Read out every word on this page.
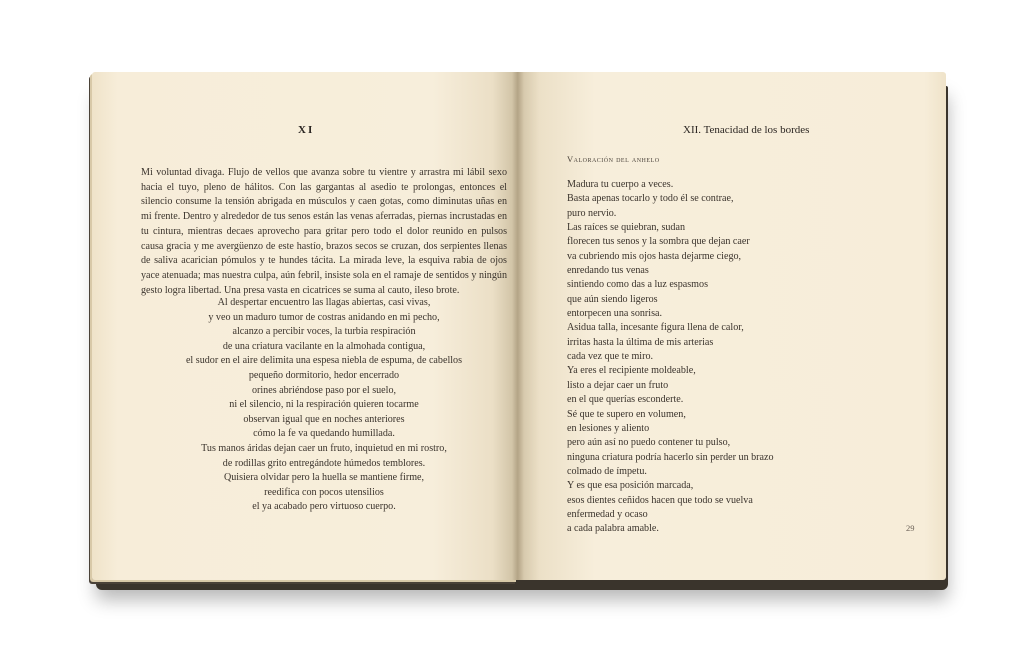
XI
Mi voluntad divaga. Flujo de vellos que avanza sobre tu vientre y arrastra mi lábil sexo hacia el tuyo, pleno de hálitos. Con las gargantas al asedio te prolongas, entonces el silencio consume la tensión abrigada en músculos y caen gotas, como diminutas uñas en mi frente. Dentro y alrededor de tus senos están las venas aferradas, piernas incrustadas en tu cintura, mientras decaes aprovecho para gritar pero todo el dolor reunido en pulsos causa gracia y me avergüenzo de este hastío, brazos secos se cruzan, dos serpientes llenas de saliva acarician pómulos y te hundes tácita. La mirada leve, la esquiva rabia de ojos yace atenuada; mas nuestra culpa, aún febril, insiste sola en el ramaje de sentidos y ningún gesto logra libertad. Una presa vasta en cicatrices se suma al cauto, ileso brote.
Al despertar encuentro las llagas abiertas, casi vivas,
y veo un maduro tumor de costras anidando en mi pecho,
alcanzo a percibir voces, la turbia respiración
de una criatura vacilante en la almohada contigua,
el sudor en el aire delimita una espesa niebla de espuma, de cabellos
pequeño dormitorio, hedor encerrado
orines abriéndose paso por el suelo,
ni el silencio, ni la respiración quieren tocarme
observan igual que en noches anteriores
cómo la fe va quedando humillada.
Tus manos áridas dejan caer un fruto, inquietud en mi rostro,
de rodillas grito entregándote húmedos temblores.
Quisiera olvidar pero la huella se mantiene firme,
reedifica con pocos utensilios
el ya acabado pero virtuoso cuerpo.
XII. Tenacidad de los bordes
Valoración del anhelo
Madura tu cuerpo a veces.
Basta apenas tocarlo y todo él se contrae,
puro nervio.
Las raíces se quiebran, sudan
florecen tus senos y la sombra que dejan caer
va cubriendo mis ojos hasta dejarme ciego,
enredando tus venas
sintiendo como das a luz espasmos
que aún siendo ligeros
entorpecen una sonrisa.
Asidua talla, incesante figura llena de calor,
irritas hasta la última de mis arterias
cada vez que te miro.
Ya eres el recipiente moldeable,
listo a dejar caer un fruto
en el que querías esconderte.
Sé que te supero en volumen,
en lesiones y aliento
pero aún así no puedo contener tu pulso,
ninguna criatura podría hacerlo sin perder un brazo
colmado de ímpetu.
Y es que esa posición marcada,
esos dientes ceñidos hacen que todo se vuelva
enfermedad y ocaso
a cada palabra amable.	29
